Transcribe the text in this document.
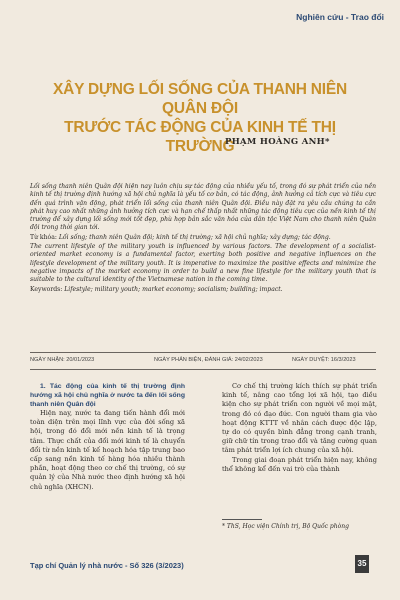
Nghiên cứu - Trao đổi
XÂY DỰNG LỐI SỐNG CỦA THANH NIÊN QUÂN ĐỘI
TRƯỚC TÁC ĐỘNG CỦA KINH TẾ THỊ TRƯỜNG
PHẠM HOÀNG ANH*

Lối sống thanh niên Quân đội hiện nay luôn chịu sự tác động của nhiều yếu tố, trong đó sự phát triển của nền kinh tế thị trường định hướng xã hội chủ nghĩa là yếu tố cơ bản, có tác động, ảnh hưởng cả tích cực và tiêu cực đến quá trình vận động, phát triển lối sống của thanh niên Quân đội. Điều này đặt ra yêu cầu chúng ta cần phát huy cao nhất những ảnh hưởng tích cực và hạn chế thấp nhất những tác động tiêu cực của nền kinh tế thị trường để xây dựng lối sống mới tốt đẹp, phù hợp bản sắc văn hóa của dân tộc Việt Nam cho thanh niên Quân đội trong thời gian tới.

Từ khóa: Lối sống; thanh niên Quân đội; kinh tế thị trường; xã hội chủ nghĩa; xây dựng; tác động.

The current lifestyle of the military youth is influenced by various factors. The development of a socialist-oriented market economy is a fundamental factor, exerting both positive and negative influences on the lifestyle development of the military youth. It is imperative to maximize the positive effects and minimize the negative impacts of the market economy in order to build a new fine lifestyle for the military youth that is suitable to the cultural identity of the Vietnamese nation in the coming time.

Keywords: Lifestyle; military youth; market economy; socialism; building; impact.

NGÀY NHẬN: 20/01/2023	NGÀY PHẢN BIỆN, ĐÁNH GIÁ: 24/02/2023	NGÀY DUYỆT: 16/3/2023

1. Tác động của kinh tế thị trường định hướng xã hội chủ nghĩa ở nước ta đến lối sống thanh niên Quân đội

Hiện nay, nước ta đang tiến hành đổi mới toàn diện trên mọi lĩnh vực của đời sống xã hội, trong đó đổi mới nền kinh tế là trọng tâm. Thực chất của đổi mới kinh tế là chuyển đổi từ nền kinh tế kế hoạch hóa tập trung bao cấp sang nền kinh tế hàng hóa nhiều thành phần, hoạt động theo cơ chế thị trường, có sự quản lý của Nhà nước theo định hướng xã hội chủ nghĩa (XHCN).

Cơ chế thị trường kích thích sự phát triển kinh tế, nâng cao tổng lợi xã hội, tạo điều kiện cho sự phát triển con người về mọi mặt, trong đó có đạo đức. Con người tham gia vào hoạt động KTTT về nhân cách được độc lập, tự do có quyền bình đẳng trong cạnh tranh, giữ chữ tín trong trao đổi và tăng cường quan tâm phát triển lợi ích chung của xã hội.

Trong giai đoạn phát triển hiện nay, không thể không kể đến vai trò của thành

* ThS, Học viện Chính trị, Bộ Quốc phòng
Tạp chí Quản lý nhà nước - Số 326 (3/2023)	35
